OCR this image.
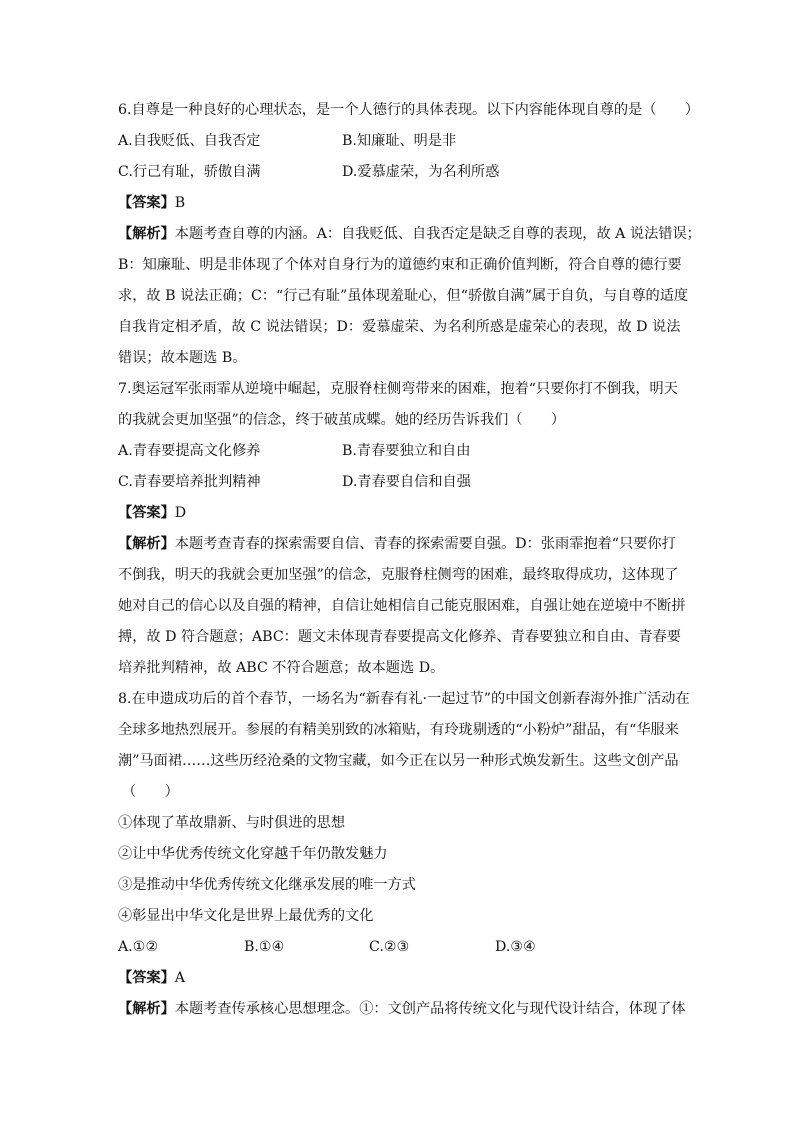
6.自尊是一种良好的心理状态，是一个人德行的具体表现。以下内容能体现自尊的是（　　）
A.自我贬低、自我否定	B.知廉耻、明是非
C.行己有耻，骄傲自满	D.爱慕虚荣，为名利所惑
【答案】B
【解析】本题考查自尊的内涵。A：自我贬低、自我否定是缺乏自尊的表现，故 A 说法错误；
B：知廉耻、明是非体现了个体对自身行为的道德约束和正确价值判断，符合自尊的德行要
求，故 B 说法正确；C：“行己有耻”虽体现羞耻心，但“骄傲自满”属于自负，与自尊的适度
自我肯定相矛盾，故 C 说法错误；D：爱慕虚荣、为名利所惑是虚荣心的表现，故 D 说法
错误；故本题选 B。
7.奥运冠军张雨霏从逆境中崛起，克服脊柱侧弯带来的困难，抱着“只要你打不倒我，明天
的我就会更加坚强”的信念，终于破茧成蝶。她的经历告诉我们（　　）
A.青春要提高文化修养	B.青春要独立和自由
C.青春要培养批判精神	D.青春要自信和自强
【答案】D
【解析】本题考查青春的探索需要自信、青春的探索需要自强。D：张雨霏抱着“只要你打
不倒我，明天的我就会更加坚强”的信念，克服脊柱侧弯的困难，最终取得成功，这体现了
她对自己的信心以及自强的精神，自信让她相信自己能克服困难，自强让她在逆境中不断拼
搏，故 D 符合题意；ABC：题文未体现青春要提高文化修养、青春要独立和自由、青春要
培养批判精神，故 ABC 不符合题意；故本题选 D。
8.在申遗成功后的首个春节，一场名为“新春有礼·一起过节”的中国文创新春海外推广活动在
全球多地热烈展开。参展的有精美别致的冰箱贴，有玲珑剔透的“小粉炉”甜品，有“华服来
潮”马面裙……这些历经沧桑的文物宝藏，如今正在以另一种形式焕发新生。这些文创产品
（　　）
①体现了革故鼎新、与时俱进的思想
②让中华优秀传统文化穿越千年仍散发魅力
③是推动中华优秀传统文化继承发展的唯一方式
④彰显出中华文化是世界上最优秀的文化
A.①②	B.①④	C.②③	D.③④
【答案】A
【解析】本题考查传承核心思想理念。①：文创产品将传统文化与现代设计结合，体现了体
